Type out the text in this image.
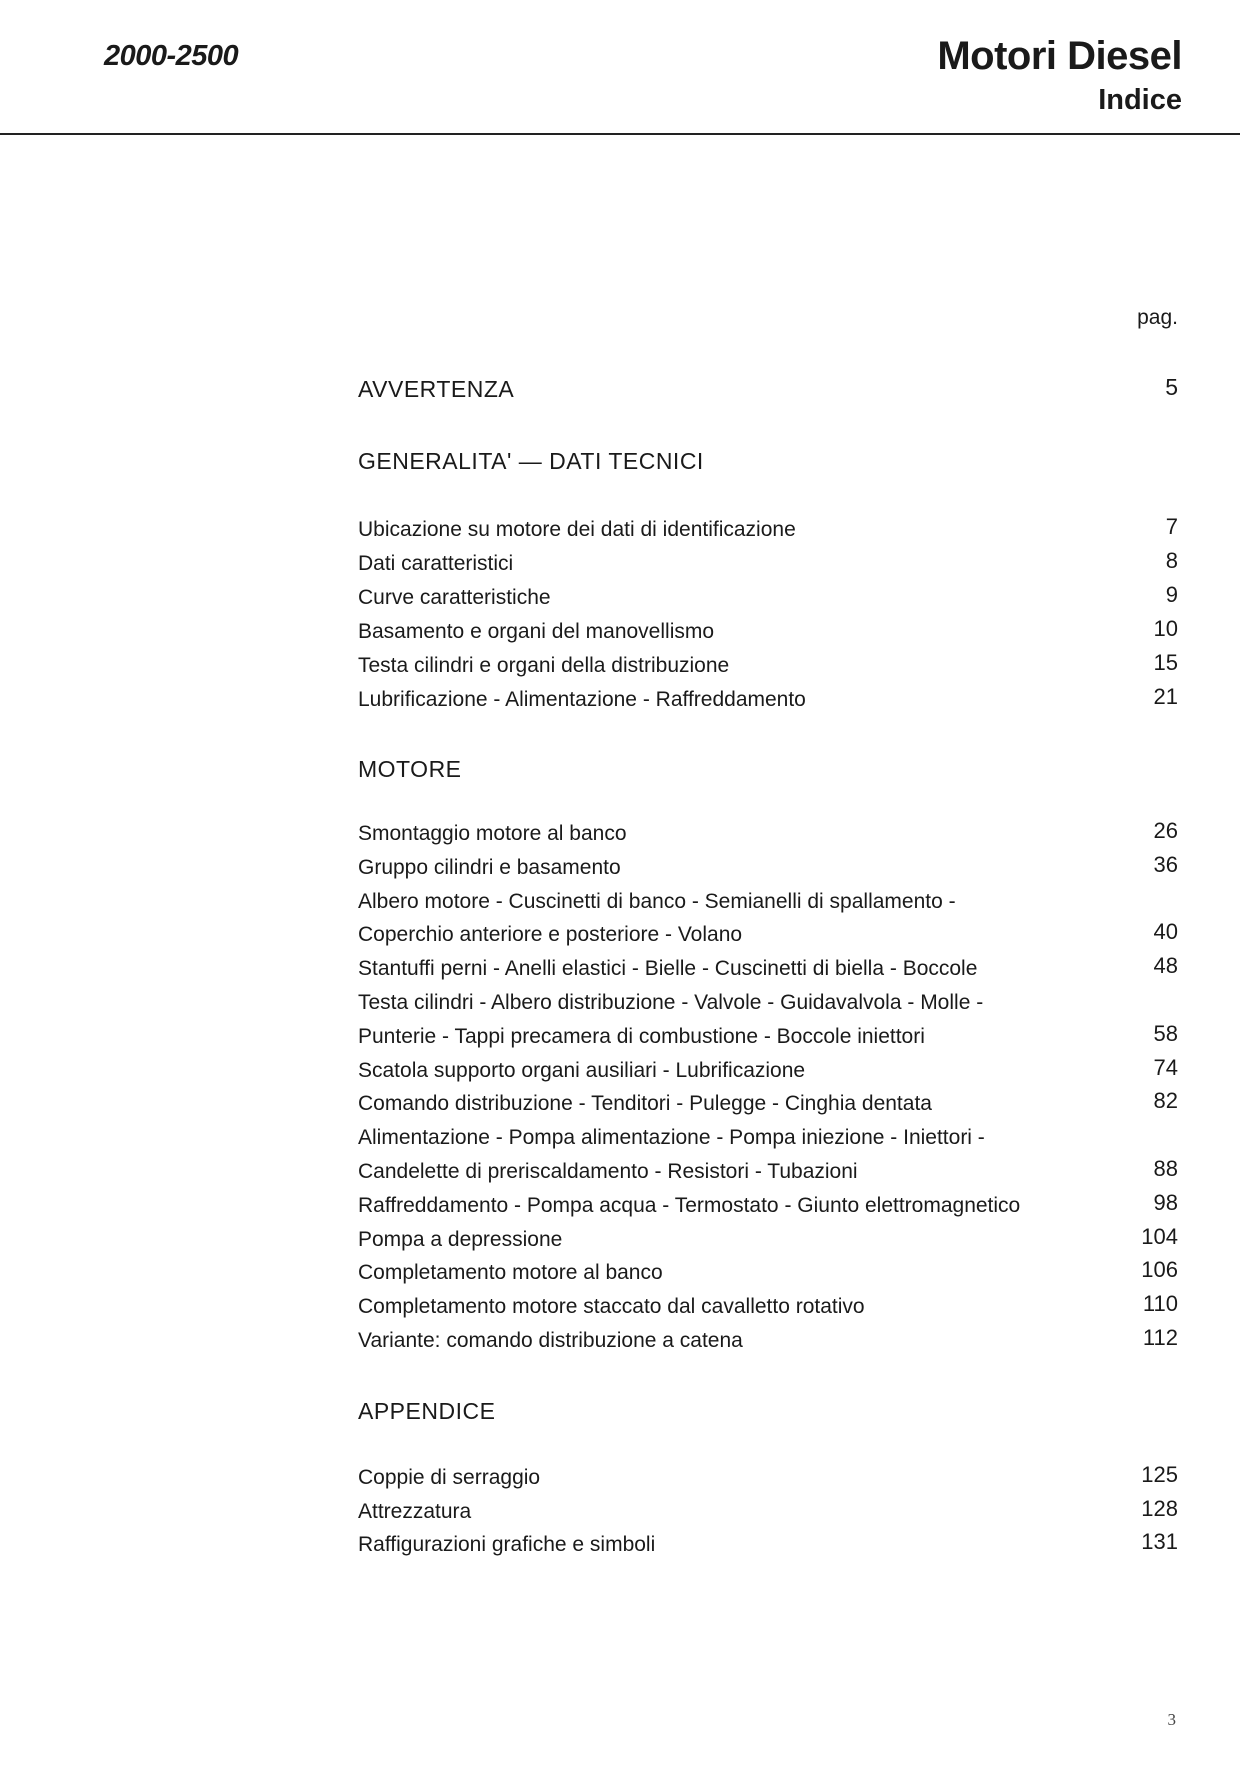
2000-2500	Motori Diesel
Indice
pag.
AVVERTENZA	5
GENERALITA' — DATI TECNICI
Ubicazione su motore dei dati di identificazione	7
Dati caratteristici	8
Curve caratteristiche	9
Basamento e organi del manovellismo	10
Testa cilindri e organi della distribuzione	15
Lubrificazione - Alimentazione - Raffreddamento	21
MOTORE
Smontaggio motore al banco	26
Gruppo cilindri e basamento	36
Albero motore - Cuscinetti di banco - Semianelli di spallamento -
Coperchio anteriore e posteriore - Volano	40
Stantuffi perni - Anelli elastici - Bielle - Cuscinetti di biella - Boccole	48
Testa cilindri - Albero distribuzione - Valvole - Guidavalvola - Molle -
Punterie - Tappi precamera di combustione - Boccole iniettori	58
Scatola supporto organi ausiliari - Lubrificazione	74
Comando distribuzione - Tenditori - Pulegge - Cinghia dentata	82
Alimentazione - Pompa alimentazione - Pompa iniezione - Iniettori -
Candelette di preriscaldamento - Resistori - Tubazioni	88
Raffreddamento - Pompa acqua - Termostato - Giunto elettromagnetico	98
Pompa a depressione	104
Completamento motore al banco	106
Completamento motore staccato dal cavalletto rotativo	110
Variante: comando distribuzione a catena	112
APPENDICE
Coppie di serraggio	125
Attrezzatura	128
Raffigurazioni grafiche e simboli	131
3
